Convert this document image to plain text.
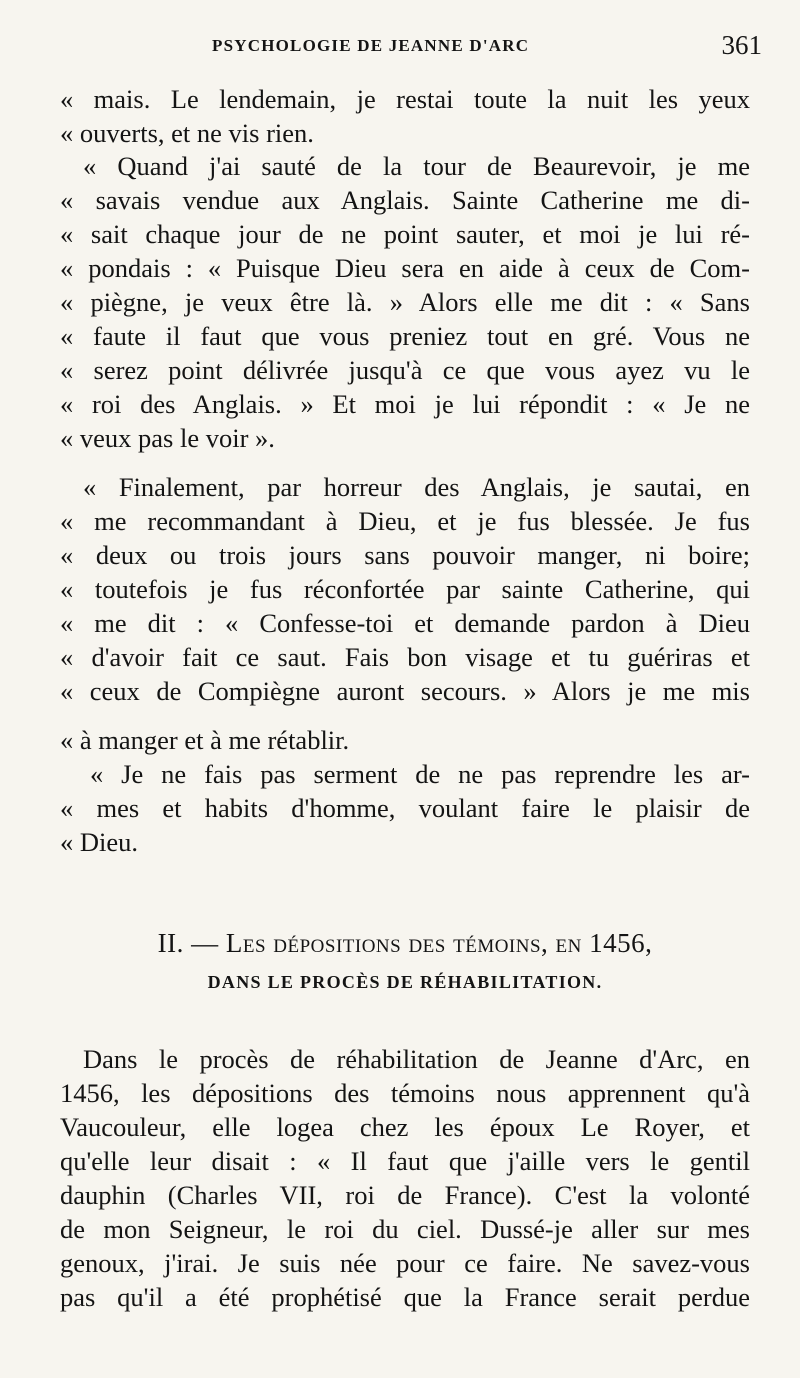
PSYCHOLOGIE DE JEANNE D'ARC	361
« mais. Le lendemain, je restai toute la nuit les yeux
« ouverts, et ne vis rien.
« Quand j'ai sauté de la tour de Beaurevoir, je me
« savais vendue aux Anglais. Sainte Catherine me di-
« sait chaque jour de ne point sauter, et moi je lui ré-
« pondais : « Puisque Dieu sera en aide à ceux de Com-
« piègne, je veux être là. » Alors elle me dit : « Sans
« faute il faut que vous preniez tout en gré. Vous ne
« serez point délivrée jusqu'à ce que vous ayez vu le
« roi des Anglais. » Et moi je lui répondit : « Je ne
« veux pas le voir ».
« Finalement, par horreur des Anglais, je sautai, en
« me recommandant à Dieu, et je fus blessée. Je fus
« deux ou trois jours sans pouvoir manger, ni boire;
« toutefois je fus réconfortée par sainte Catherine, qui
« me dit : « Confesse-toi et demande pardon à Dieu
« d'avoir fait ce saut. Fais bon visage et tu guériras et
« ceux de Compiègne auront secours. » Alors je me mis
« à manger et à me rétablir.
« Je ne fais pas serment de ne pas reprendre les ar-
« mes et habits d'homme, voulant faire le plaisir de
« Dieu.
II. — Les dépositions des témoins, en 1456,
DANS LE PROCÈS DE RÉHABILITATION.
Dans le procès de réhabilitation de Jeanne d'Arc, en
1456, les dépositions des témoins nous apprennent qu'à
Vaucouleur, elle logea chez les époux Le Royer, et
qu'elle leur disait : « Il faut que j'aille vers le gentil
dauphin (Charles VII, roi de France). C'est la volonté
de mon Seigneur, le roi du ciel. Dussé-je aller sur mes
genoux, j'irai. Je suis née pour ce faire. Ne savez-vous
pas qu'il a été prophétisé que la France serait perdue
